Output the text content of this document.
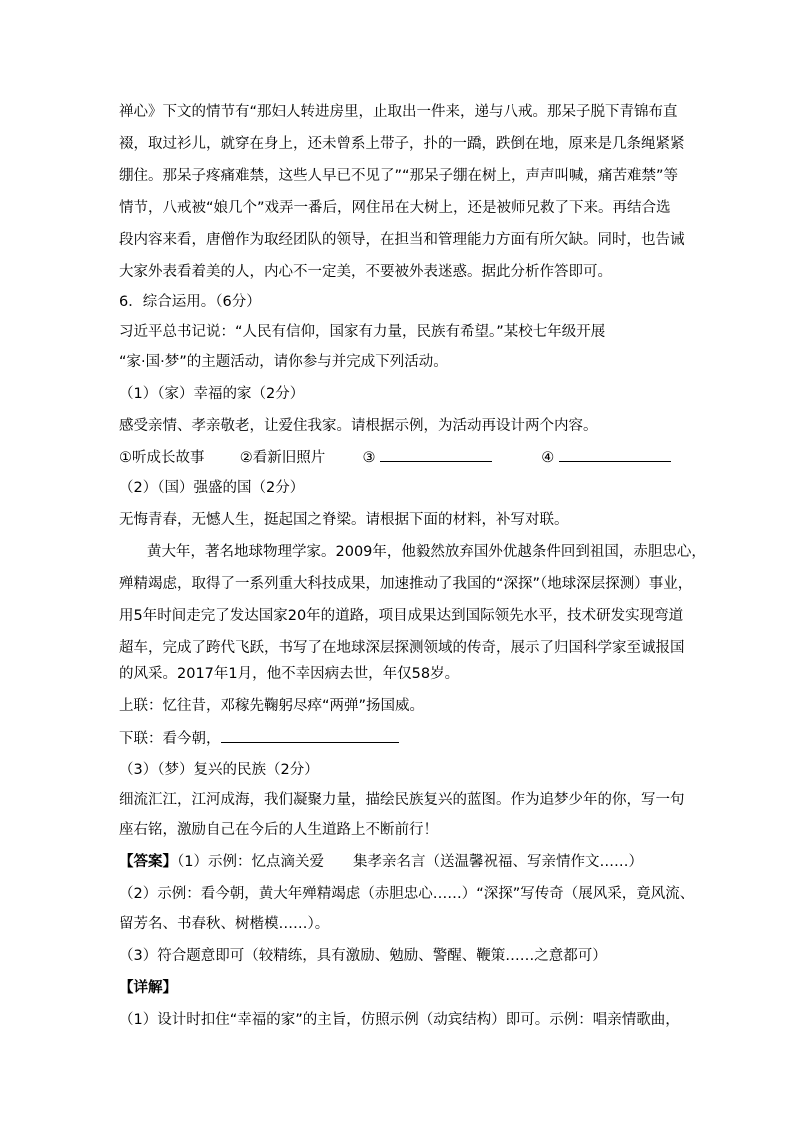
禅心》下文的情节有“那妇人转进房里，止取出一件来，递与八戒。那呆子脱下青锦布直
裰，取过衫儿，就穿在身上，还未曾系上带子，扑的一蹻，跌倒在地，原来是几条绳紧紧
绷住。那呆子疼痛难禁，这些人早已不见了”“那呆子绷在树上，声声叫喊，痛苦难禁”等
情节，八戒被“娘几个”戏弄一番后，网住吊在大树上，还是被师兄救了下来。再结合选
段内容来看，唐僧作为取经团队的领导，在担当和管理能力方面有所欠缺。同时，也告诫
大家外表看着美的人，内心不一定美，不要被外表迷惑。据此分析作答即可。
6．综合运用。（6分）
习近平总书记说：“人民有信仰，国家有力量，民族有希望。”某校七年级开展
“家·国·梦”的主题活动，请你参与并完成下列活动。
（1）（家）幸福的家（2分）
感受亲情、孝亲敬老，让爱住我家。请根据示例，为活动再设计两个内容。
①听成长故事 ②看新旧照片	③	④
（2）（国）强盛的国（2分）
无悔青春，无憾人生，挺起国之脊梁。请根据下面的材料，补写对联。
黄大年，著名地球物理学家。2009年，他毅然放弃国外优越条件回到祖国，赤胆忠心，
殚精竭虑，取得了一系列重大科技成果，加速推动了我国的“深探”（地球深层探测）事业，
用5年时间走完了发达国家20年的道路，项目成果达到国际领先水平，技术研发实现弯道
超车，完成了跨代飞跃，书写了在地球深层探测领域的传奇，展示了归国科学家至诚报国
的风采。2017年1月，他不幸因病去世，年仅58岁。
上联：忆往昔，邓稼先鞠躬尽瘁“两弹”扬国威。
下联：看今朝，
（3）（梦）复兴的民族（2分）
细流汇江，江河成海，我们凝聚力量，描绘民族复兴的蓝图。作为追梦少年的你，写一句
座右铭，激励自己在今后的人生道路上不断前行！
【答案】（1）示例：忆点滴关爱　　集孝亲名言（送温馨祝福、写亲情作文……）
（2）示例：看今朝，黄大年殚精竭虑（赤胆忠心……）“深探”写传奇（展风采，竟风流、
留芳名、书春秋、树楷模……）。
（3）符合题意即可（较精练，具有激励、勉励、警醒、鞭策……之意都可）
【详解】
（1）设计时扣住“幸福的家”的主旨，仿照示例（动宾结构）即可。示例：唱亲情歌曲，
